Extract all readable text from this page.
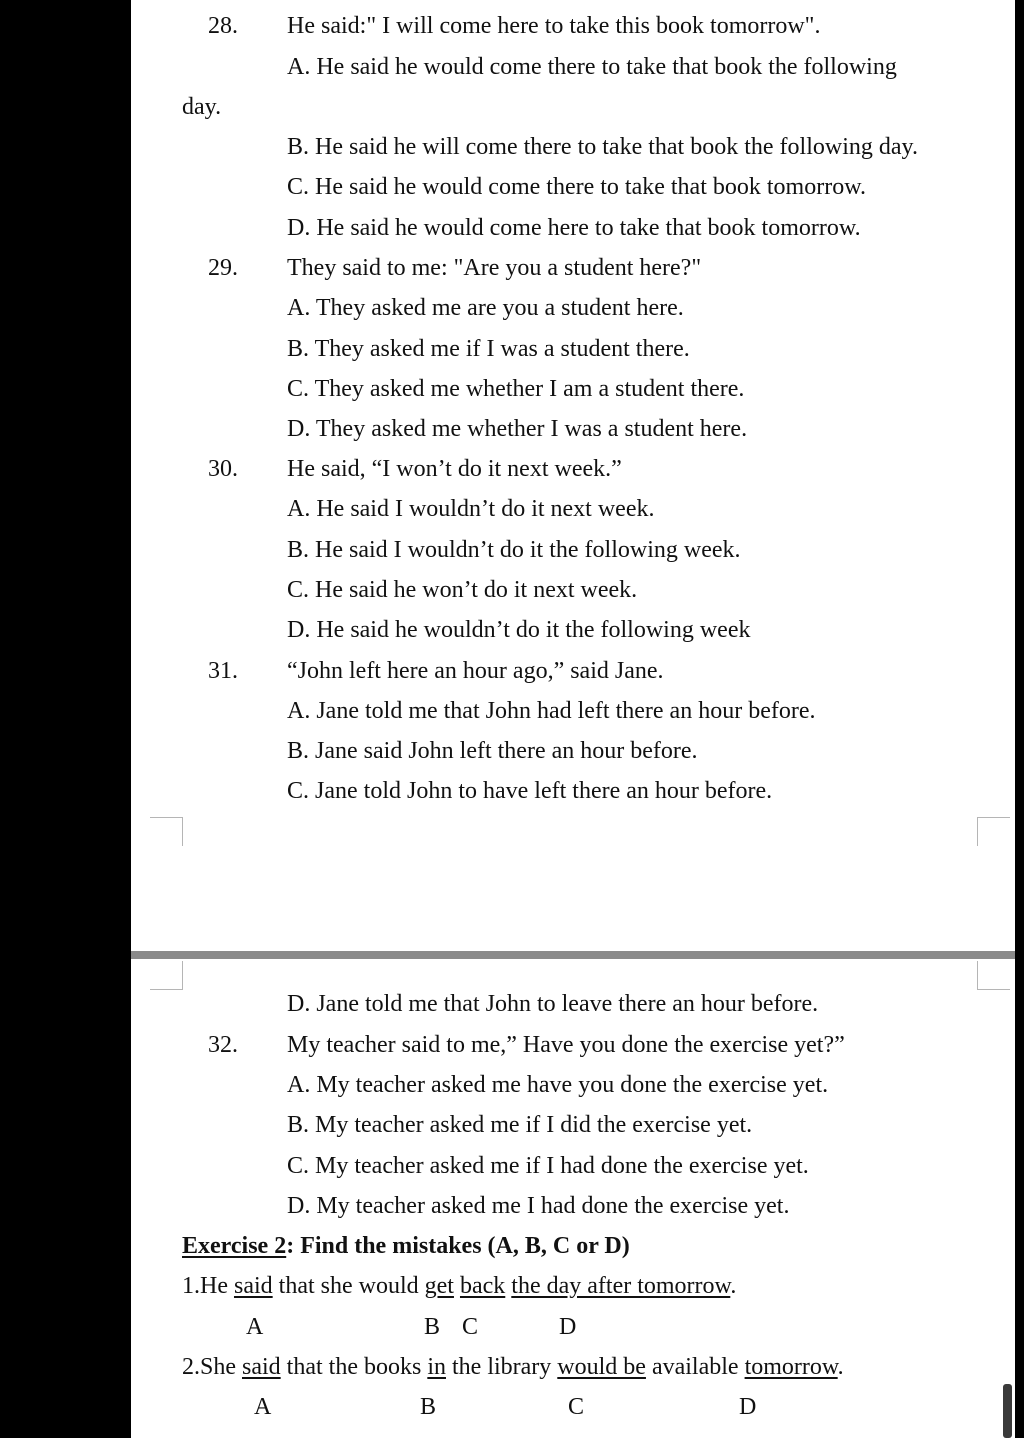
28. He said:" I will come here to take this book tomorrow".
A. He said he would come there to take that book the following
day.
B. He said he will come there to take that book the following day.
C. He said he would come there to take that book tomorrow.
D. He said he would come here to take that book tomorrow.
29. They said to me: "Are you a student here?"
A. They asked me are you a student here.
B. They asked me if I was a student there.
C. They asked me whether I am a student there.
D. They asked me whether I was a student here.
30. He said, “I won’t do it next week.”
A. He said I wouldn’t do it next week.
B. He said I wouldn’t do it the following week.
C. He said he won’t do it next week.
D. He said he wouldn’t do it the following week
31. “John left here an hour ago,” said Jane.
A. Jane told me that John had left there an hour before.
B. Jane said John left there an hour before.
C. Jane told John to have left there an hour before.
D. Jane told me that John to leave there an hour before.
32. My teacher said to me,” Have you done the exercise yet?”
A. My teacher asked me have you done the exercise yet.
B. My teacher asked me if I did the exercise yet.
C. My teacher asked me if I had done the exercise yet.
D. My teacher asked me I had done the exercise yet.
Exercise 2: Find the mistakes (A, B, C or D)
1.He said that she would get back the day after tomorrow.
A	B C	D
2.She said that the books in the library would be available tomorrow.
A	B	C	D
